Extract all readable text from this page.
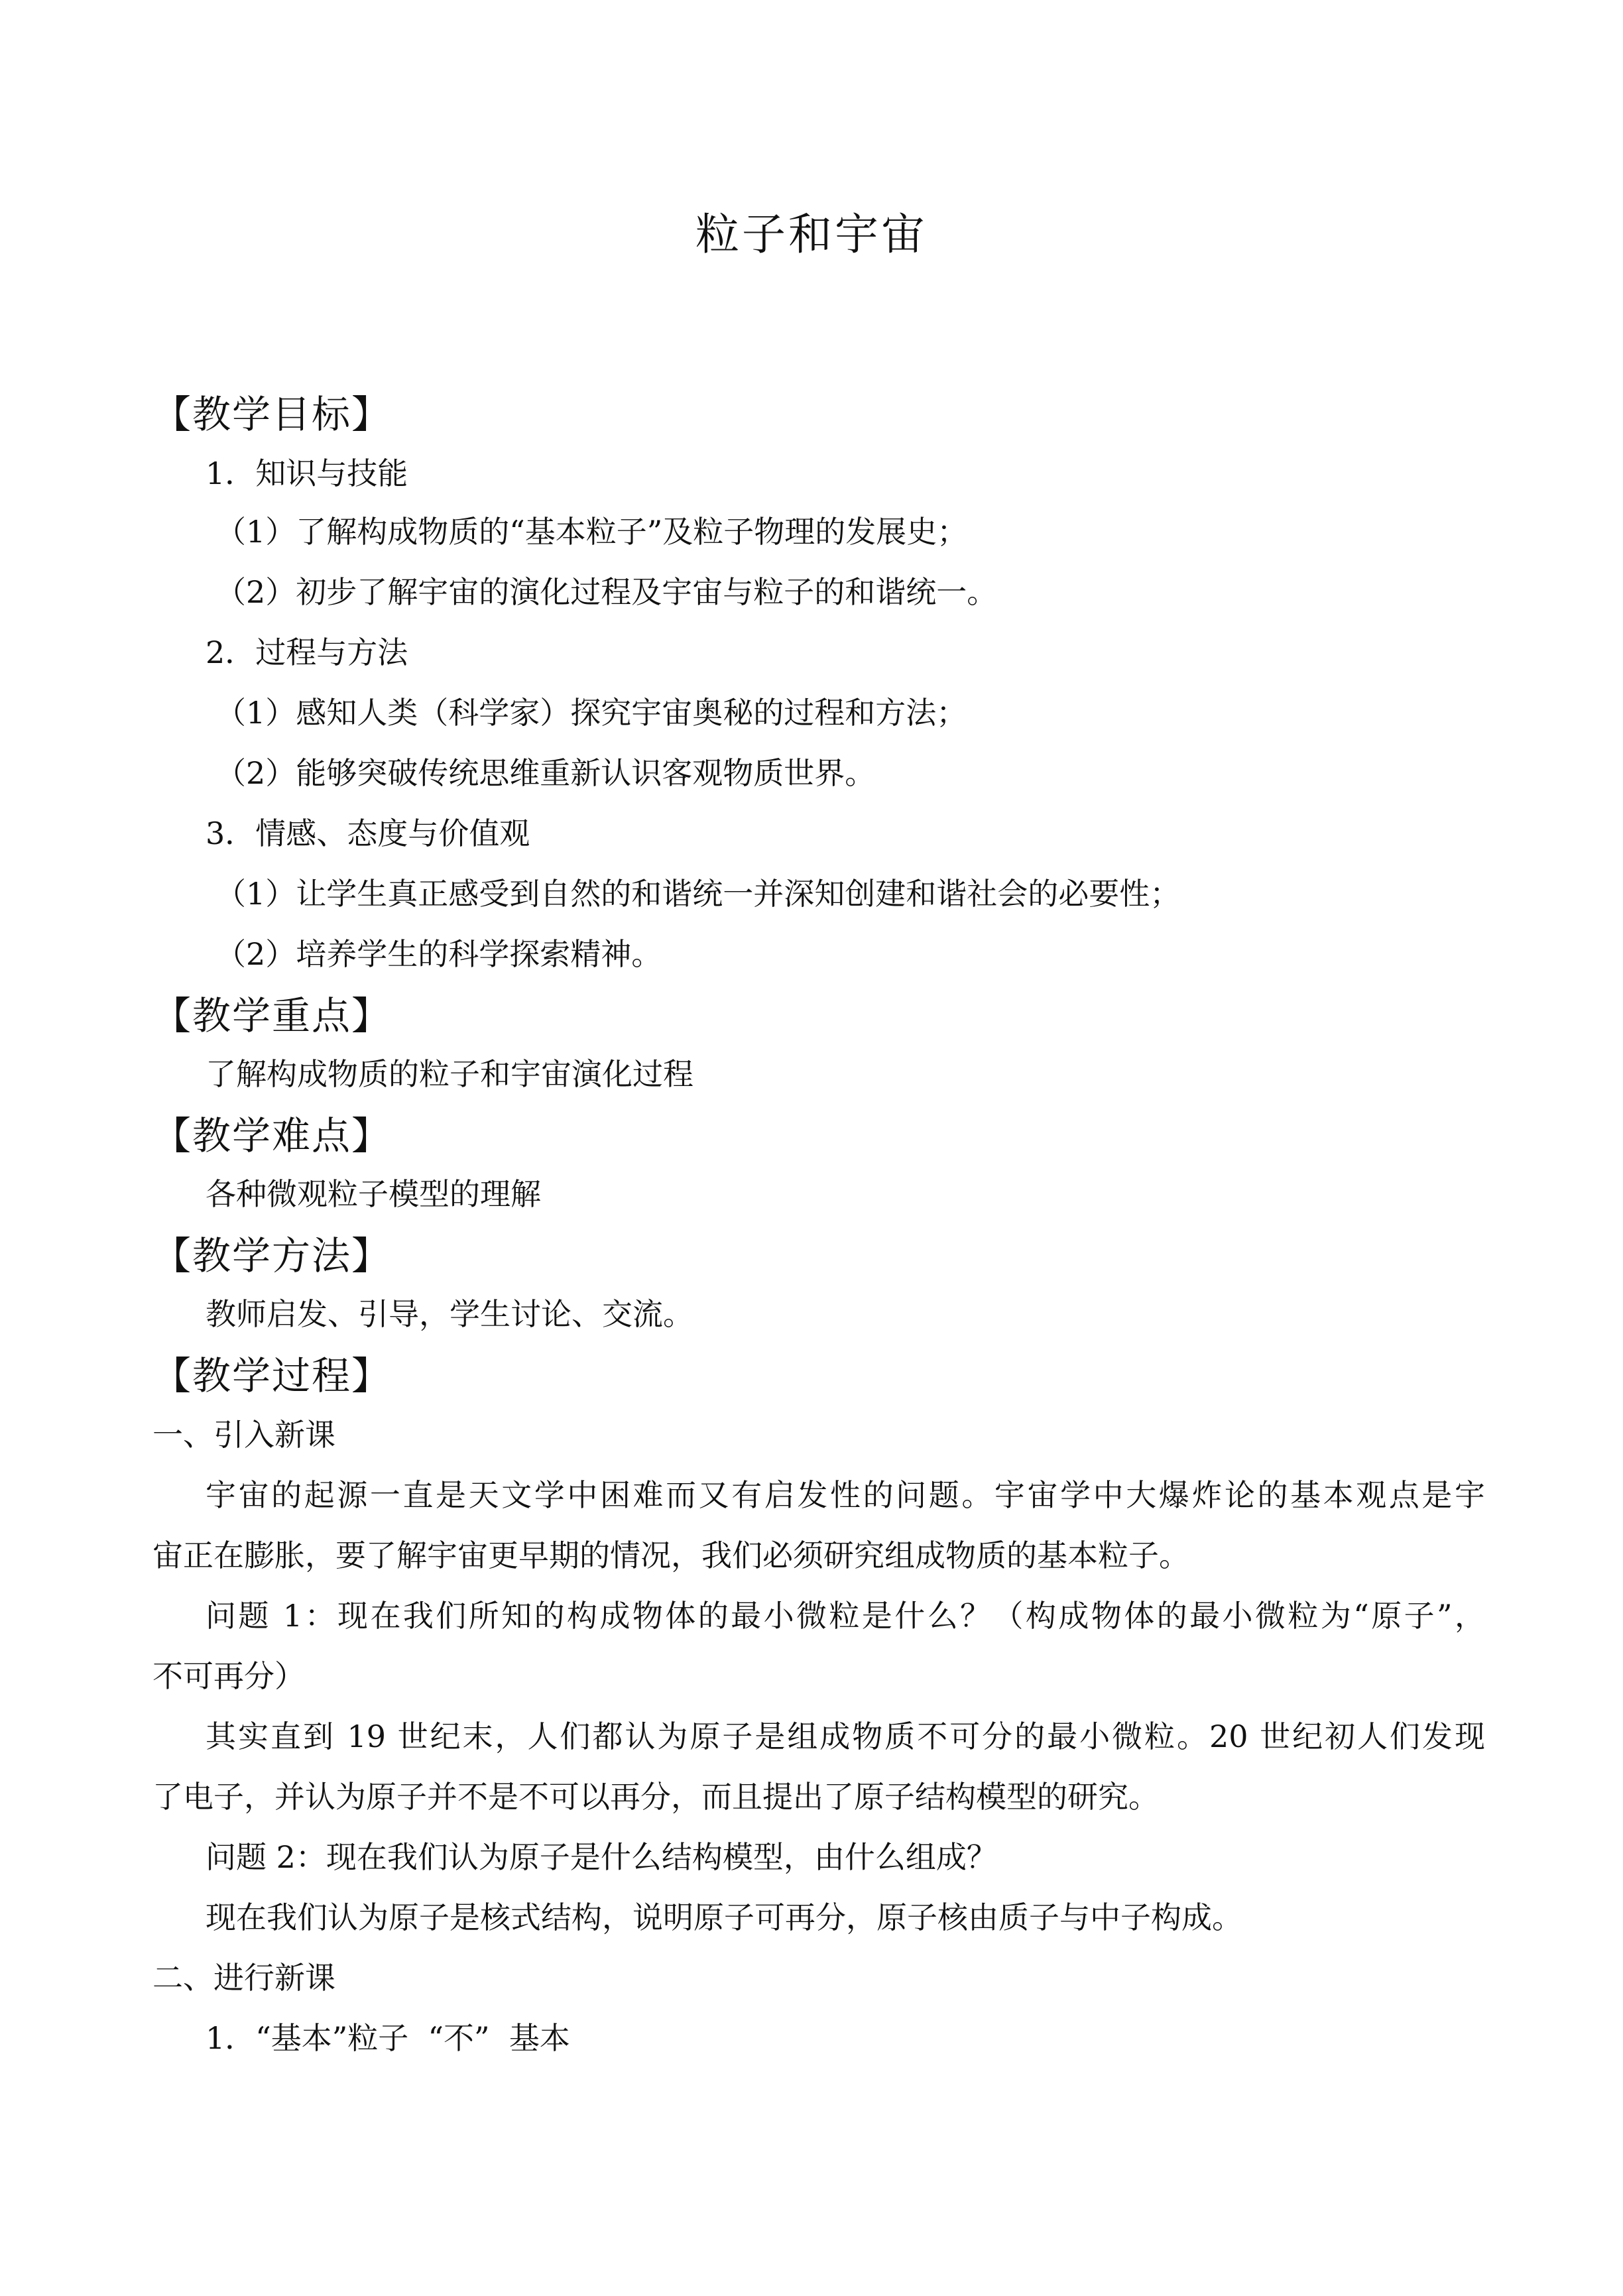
粒子和宇宙
【教学目标】
1．知识与技能
（1）了解构成物质的“基本粒子”及粒子物理的发展史；
（2）初步了解宇宙的演化过程及宇宙与粒子的和谐统一。
2．过程与方法
（1）感知人类（科学家）探究宇宙奥秘的过程和方法；
（2）能够突破传统思维重新认识客观物质世界。
3．情感、态度与价值观
（1）让学生真正感受到自然的和谐统一并深知创建和谐社会的必要性；
（2）培养学生的科学探索精神。
【教学重点】
了解构成物质的粒子和宇宙演化过程
【教学难点】
各种微观粒子模型的理解
【教学方法】
教师启发、引导，学生讨论、交流。
【教学过程】
一、引入新课
宇宙的起源一直是天文学中困难而又有启发性的问题。宇宙学中大爆炸论的基本观点是宇
宙正在膨胀，要了解宇宙更早期的情况，我们必须研究组成物质的基本粒子。
问题 1：现在我们所知的构成物体的最小微粒是什么？（构成物体的最小微粒为“原子”，
不可再分）
其实直到 19 世纪末，人们都认为原子是组成物质不可分的最小微粒。20 世纪初人们发现
了电子，并认为原子并不是不可以再分，而且提出了原子结构模型的研究。
问题 2：现在我们认为原子是什么结构模型，由什么组成？
现在我们认为原子是核式结构，说明原子可再分，原子核由质子与中子构成。
二、进行新课
1．“基本”粒子  “不”  基本
